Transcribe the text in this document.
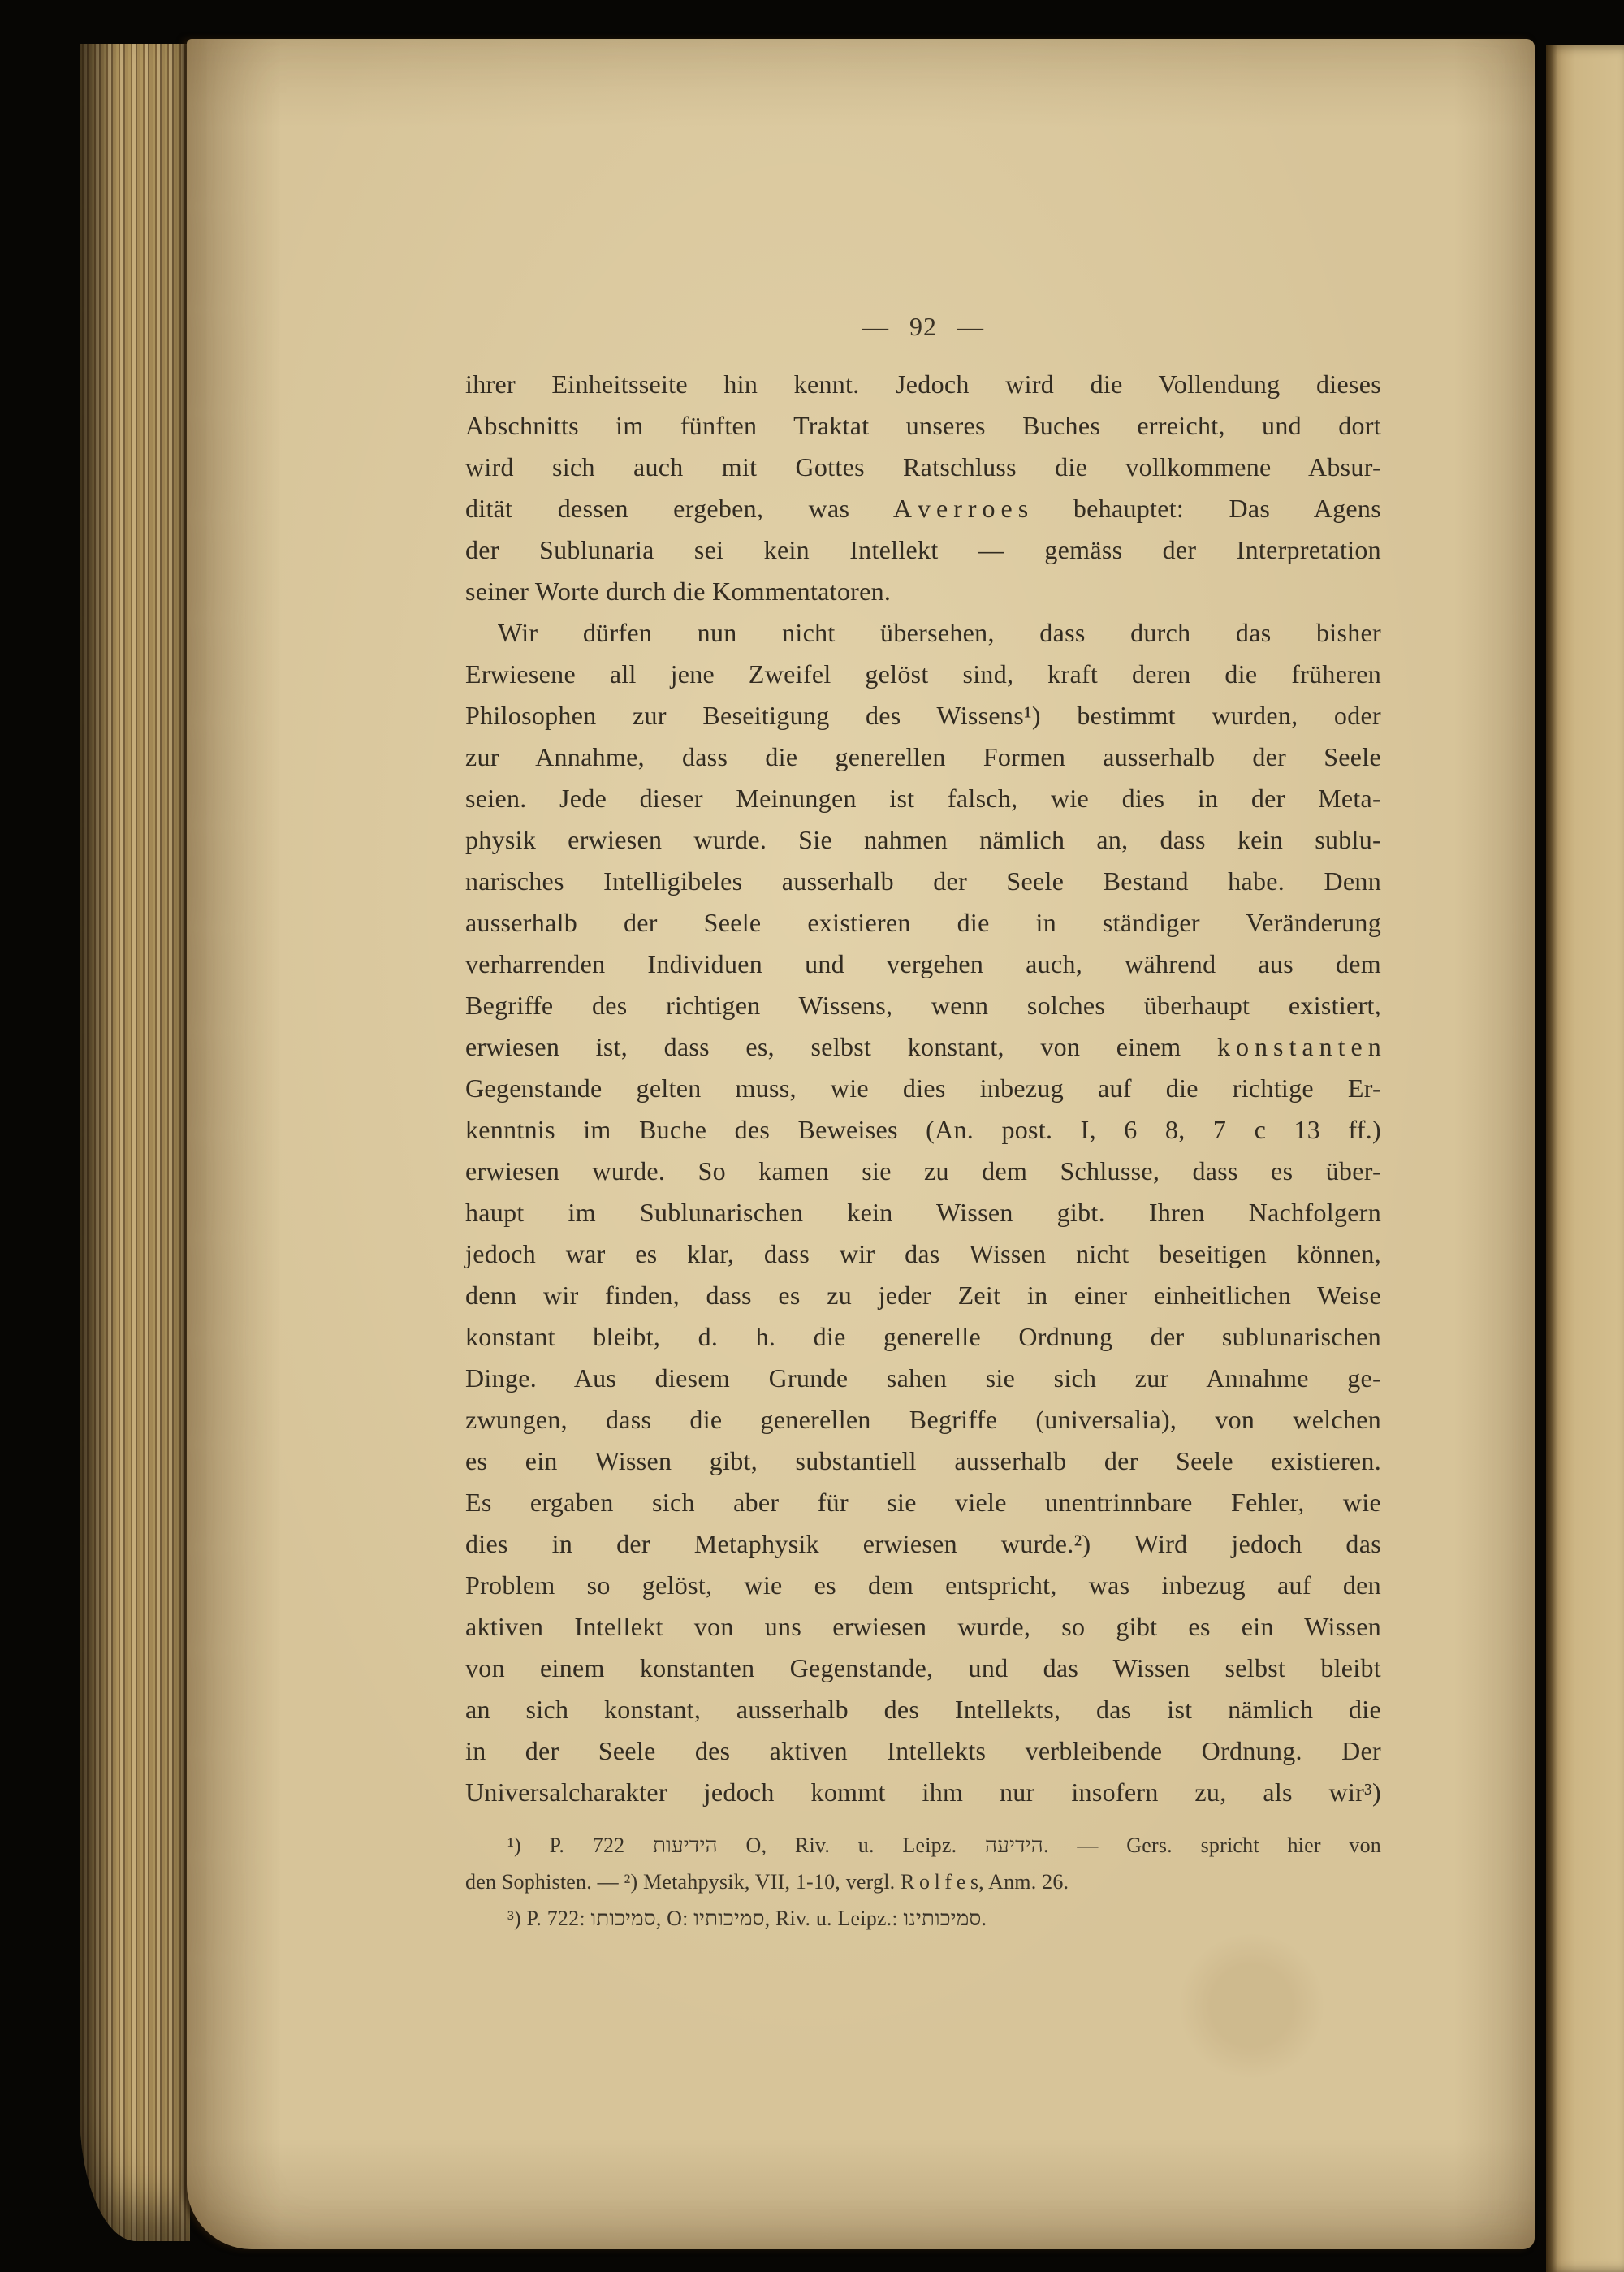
— 92 —
ihrer Einheitsseite hin kennt. Jedoch wird die Vollendung dieses
Abschnitts im fünften Traktat unseres Buches erreicht, und dort
wird sich auch mit Gottes Ratschluss die vollkommene Absur-
dität dessen ergeben, was A v e r r o e s behauptet: Das Agens
der Sublunaria sei kein Intellekt — gemäss der Interpretation
seiner Worte durch die Kommentatoren.
Wir dürfen nun nicht übersehen, dass durch das bisher
Erwiesene all jene Zweifel gelöst sind, kraft deren die früheren
Philosophen zur Beseitigung des Wissens¹) bestimmt wurden, oder
zur Annahme, dass die generellen Formen ausserhalb der Seele
seien. Jede dieser Meinungen ist falsch, wie dies in der Meta-
physik erwiesen wurde. Sie nahmen nämlich an, dass kein sublu-
narisches Intelligibeles ausserhalb der Seele Bestand habe. Denn
ausserhalb der Seele existieren die in ständiger Veränderung
verharrenden Individuen und vergehen auch, während aus dem
Begriffe des richtigen Wissens, wenn solches überhaupt existiert,
erwiesen ist, dass es, selbst konstant, von einem k o n s t a n t e n
Gegenstande gelten muss, wie dies inbezug auf die richtige Er-
kenntnis im Buche des Beweises (An. post. I, 6 8, 7 c 13 ff.)
erwiesen wurde. So kamen sie zu dem Schlusse, dass es über-
haupt im Sublunarischen kein Wissen gibt. Ihren Nachfolgern
jedoch war es klar, dass wir das Wissen nicht beseitigen können,
denn wir finden, dass es zu jeder Zeit in einer einheitlichen Weise
konstant bleibt, d. h. die generelle Ordnung der sublunarischen
Dinge. Aus diesem Grunde sahen sie sich zur Annahme ge-
zwungen, dass die generellen Begriffe (universalia), von welchen
es ein Wissen gibt, substantiell ausserhalb der Seele existieren.
Es ergaben sich aber für sie viele unentrinnbare Fehler, wie
dies in der Metaphysik erwiesen wurde.²) Wird jedoch das
Problem so gelöst, wie es dem entspricht, was inbezug auf den
aktiven Intellekt von uns erwiesen wurde, so gibt es ein Wissen
von einem konstanten Gegenstande, und das Wissen selbst bleibt
an sich konstant, ausserhalb des Intellekts, das ist nämlich die
in der Seele des aktiven Intellekts verbleibende Ordnung. Der
Universalcharakter jedoch kommt ihm nur insofern zu, als wir³)
¹) P. 722 הידיעות O, Riv. u. Leipz. הידיעה. — Gers. spricht hier von
den Sophisten. — ²) Metahpysik, VII, 1-10, vergl. R o l f e s, Anm. 26.
³) P. 722: סמיכותו, O: סמיכותיו, Riv. u. Leipz.: סמיכותינו.
